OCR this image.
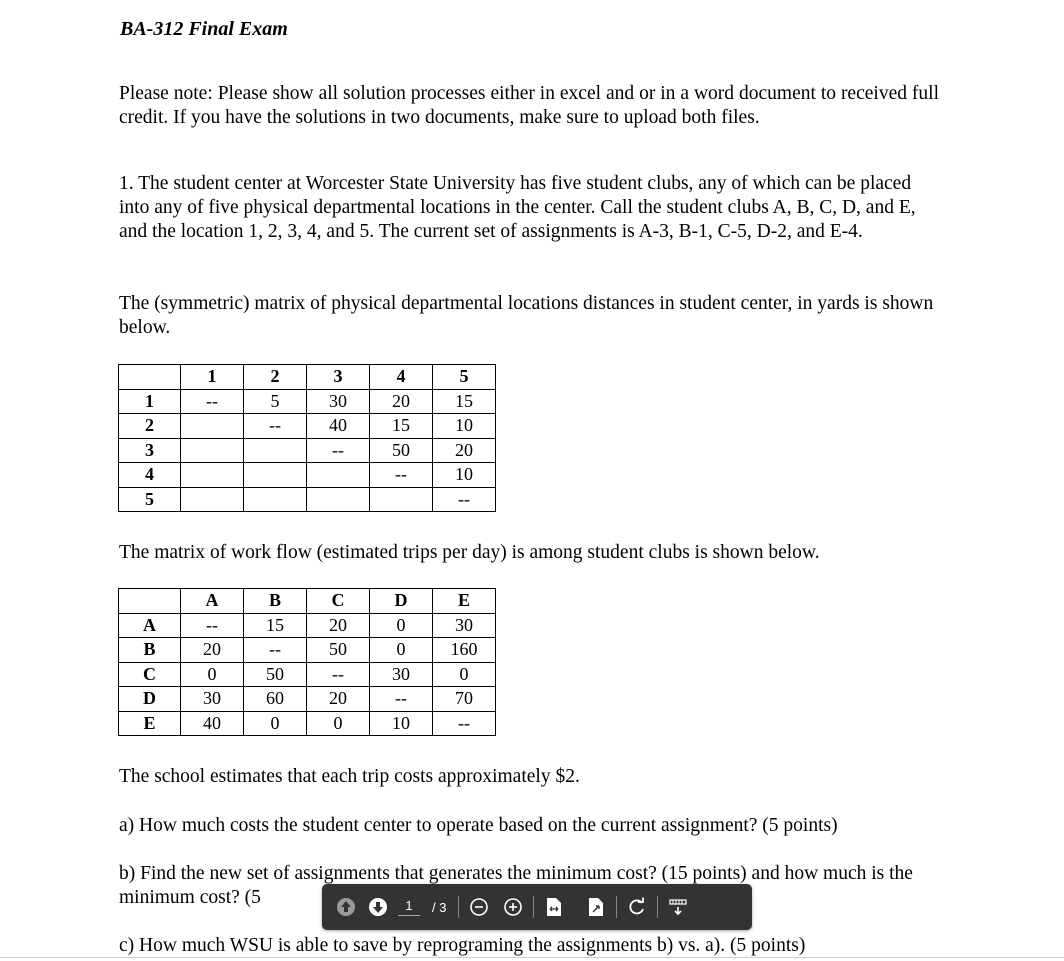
BA-312 Final Exam

Please note: Please show all solution processes either in excel and or in a word document to received full credit. If you have the solutions in two documents, make sure to upload both files.

1. The student center at Worcester State University has five student clubs, any of which can be placed into any of five physical departmental locations in the center. Call the student clubs A, B, C, D, and E, and the location 1, 2, 3, 4, and 5. The current set of assignments is A-3, B-1, C-5, D-2, and E-4.

The (symmetric) matrix of physical departmental locations distances in student center, in yards is shown below.

	1	2	3	4	5
1	--	5	30	20	15
2		--	40	15	10
3			--	50	20
4				--	10
5					--

The matrix of work flow (estimated trips per day) is among student clubs is shown below.

	A	B	C	D	E
A	--	15	20	0	30
B	20	--	50	0	160
C	0	50	--	30	0
D	30	60	20	--	70
E	40	0	0	10	--

The school estimates that each trip costs approximately $2.

a) How much costs the student center to operate based on the current assignment? (5 points)

b) Find the new set of assignments that generates the minimum cost? (15 points) and how much is the minimum cost? (5

c) How much WSU is able to save by reprograming the assignments b) vs. a). (5 points)

1	/ 3
